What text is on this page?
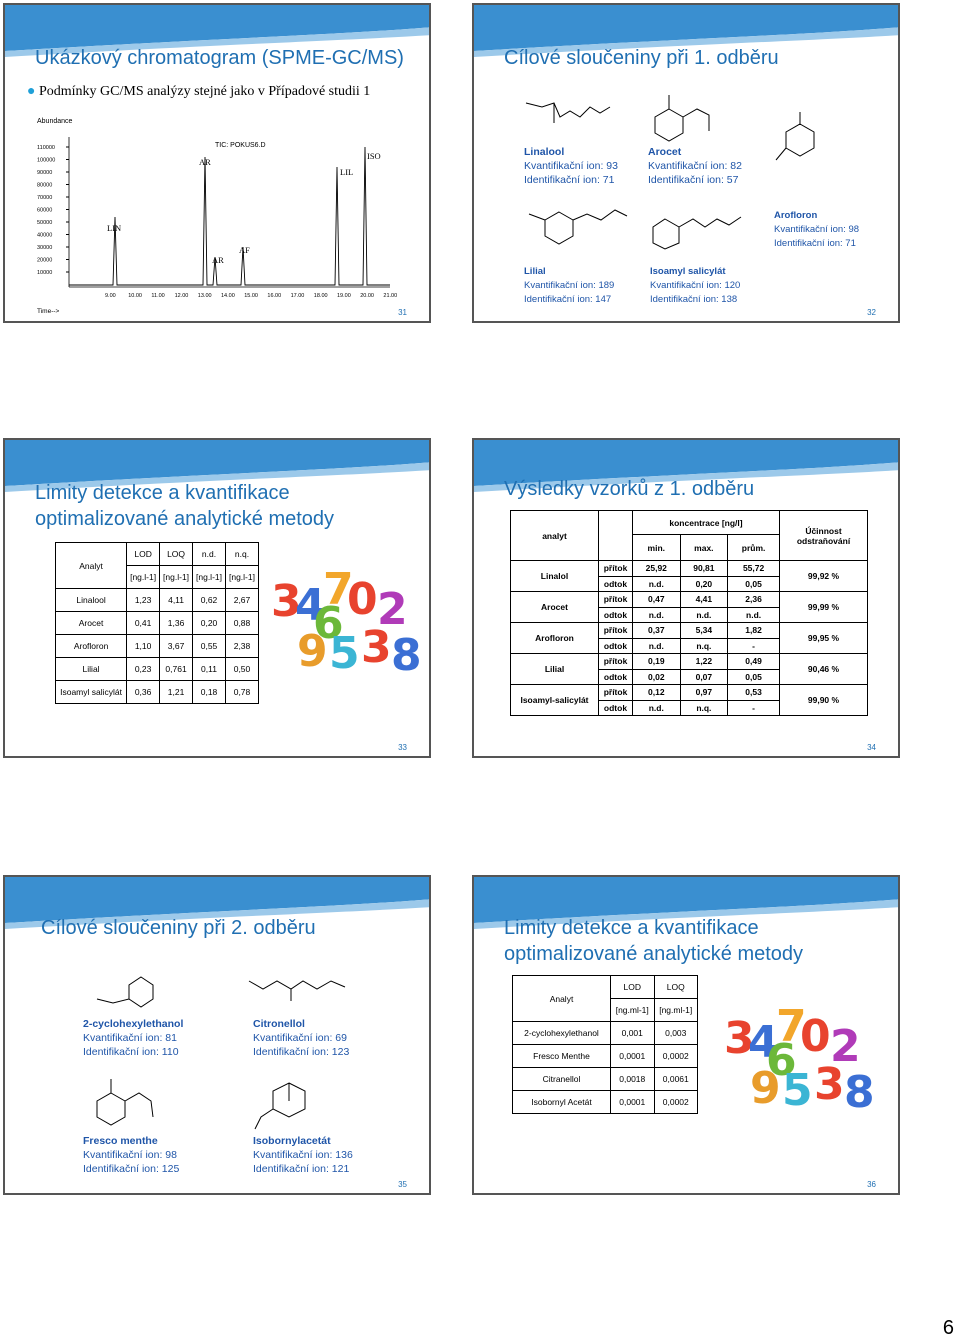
Ukázkový chromatogram (SPME-GC/MS)
● Podmínky GC/MS analýzy stejné jako v Případové studii 1
Abundance
TIC: POKUS6.D
110000
100000
90000
80000
70000
60000
50000
40000
30000
20000
10000
9.00 10.00 11.00 12.00 13.00 14.00 15.00 16.00 17.00 18.00 19.00 20.00 21.00
LIN
AR
AR
AF
LIL
ISO
Time-->	31
Cílové sloučeniny při 1. odběru
Linalool
Kvantifikační ion: 93
Identifikační ion: 71
Arocet
Kvantifikační ion: 82
Identifikační ion: 57
Arofloron
Kvantifikační ion: 98
Identifikační ion: 71
Lilial
Kvantifikační ion: 189
Identifikační ion: 147
Isoamyl salicylát
Kvantifikační ion: 120
Identifikační ion: 138
32
Limity detekce a kvantifikace optimalizované analytické metody
Analyt	LOD	LOQ	n.d.	n.q.
	[ng.l-1]	[ng.l-1]	[ng.l-1]	[ng.l-1]
Linalool	1,23	4,11	0,62	2,67
Arocet	0,41	1,36	0,20	0,88
Arofloron	1,10	3,67	0,55	2,38
Lilial	0,23	0,761	0,11	0,50
Isoamyl salicylát	0,36	1,21	0,18	0,78
3
4
7
0 2
6
9 5 3 8
33
Výsledky vzorků z 1. odběru
analyt		koncentrace [ng/l]			Účinnost odstraňování
		min.	max.	prům.	
Linalol	přítok	25,92	90,81	55,72	99,92 %
	odtok	n.d.	0,20	0,05	
Arocet	přítok	0,47	4,41	2,36	99,99 %
	odtok	n.d.	n.d.	n.d.	
Arofloron	přítok	0,37	5,34	1,82	99,95 %
	odtok	n.d.	n.q.	-	
Lilial	přítok	0,19	1,22	0,49	90,46 %
	odtok	0,02	0,07	0,05	
Isoamyl-salicylát	přítok	0,12	0,97	0,53	99,90 %
	odtok	n.d.	n.q.	-	
34
Cílové sloučeniny při 2. odběru
2-cyclohexylethanol
Kvantifikační ion: 81
Identifikační ion: 110
Citronellol
Kvantifikační ion: 69
Identifikační ion: 123
Fresco menthe
Kvantifikační ion: 98
Identifikační ion: 125
Isobornylacetát
Kvantifikační ion: 136
Identifikační ion: 121
35
Limity detekce a kvantifikace optimalizované analytické metody
Analyt	LOD	LOQ
	[ng.ml-1]	[ng.ml-1]
2-cyclohexylethanol	0,001	0,003
Fresco Menthe	0,0001	0,0002
Citranellol	0,0018	0,0061
Isobornyl Acetát	0,0001	0,0002
3
4
7
0 2
6
9 5 3 8
36
6
